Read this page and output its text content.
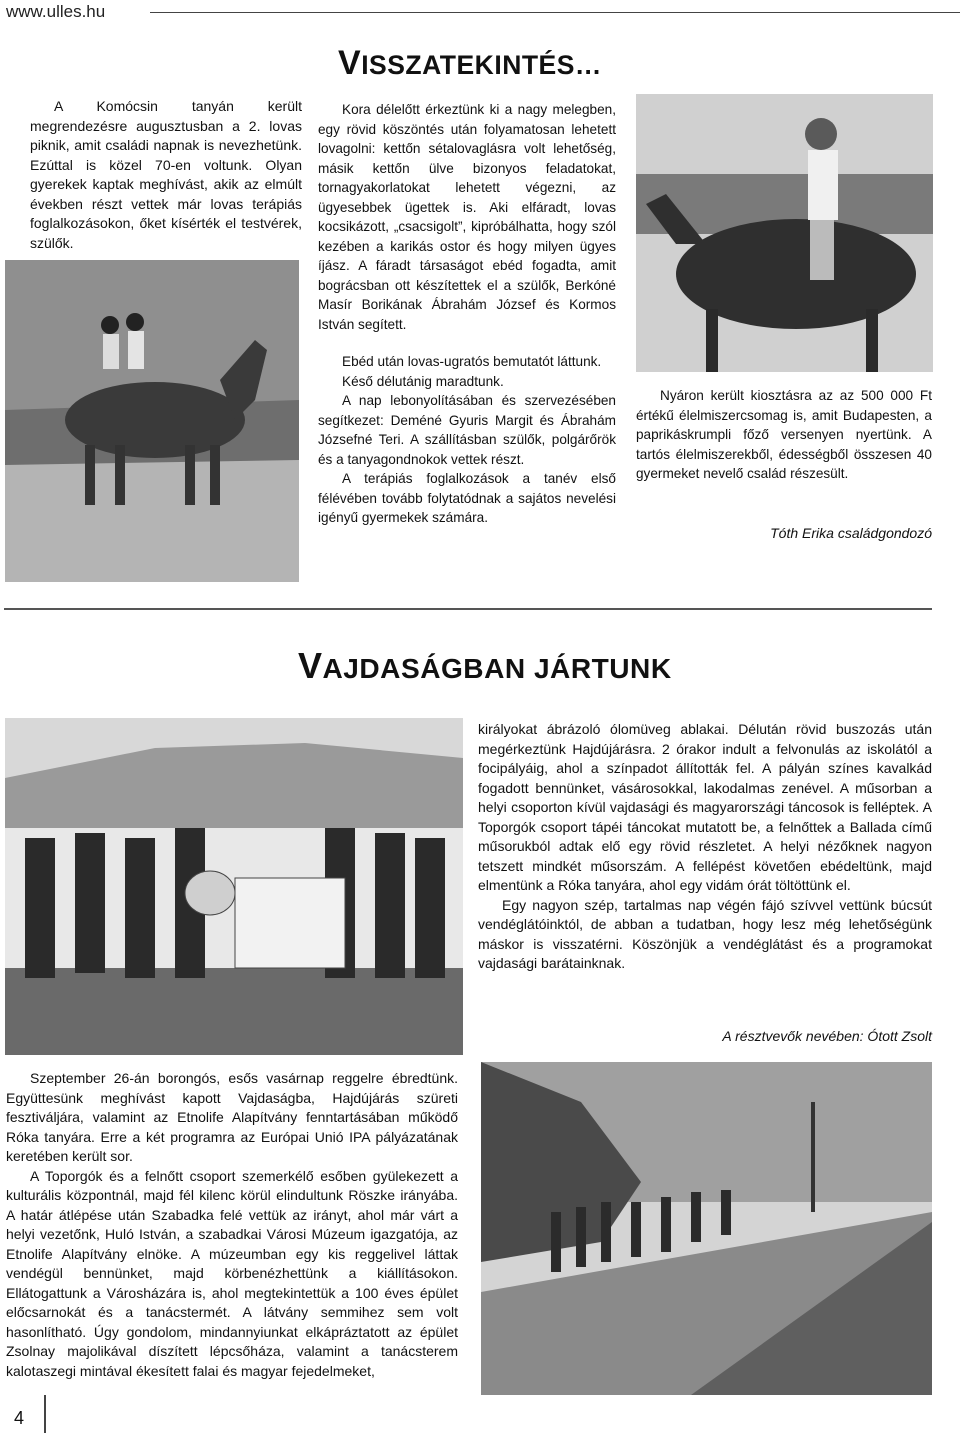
www.ulles.hu
VISSZATEKINTÉS…

A Komócsin tanyán került megrendezésre augusztusban a 2. lovas piknik, amit családi napnak is nevezhetünk. Ezúttal is közel 70-en voltunk. Olyan gyerekek kaptak meghívást, akik az elmúlt években részt vettek már lovas terápiás foglalkozásokon, őket kísérték el testvérek, szülők.

Kora délelőtt érkeztünk ki a nagy melegben, egy rövid köszöntés után folyamatosan lehetett lovagolni: kettőn sétalovaglásra volt lehetőség, másik kettőn ülve bizonyos feladatokat, tornagyakorlatokat lehetett végezni, az ügyesebbek ügettek is. Aki elfáradt, lovas kocsikázott, „csacsigolt”, kipróbálhatta, hogy szól kezében a karikás ostor és hogy milyen ügyes íjász. A fáradt társaságot ebéd fogadta, amit bográcsban ott készítettek el a szülők, Berkóné Masír Borikának Ábrahám József és Kormos István segített.

Ebéd után lovas-ugratós bemutatót láttunk.

Késő délutánig maradtunk.

A nap lebonyolításában és szervezésében segítkezet: Deméné Gyuris Margit és Ábrahám Józsefné Teri. A szállításban szülők, polgárőrök és a tanyagondnokok vettek részt.

A terápiás foglalkozások a tanév első félévében tovább folytatódnak a sajátos nevelési igényű gyermekek számára.

Nyáron került kiosztásra az az 500 000 Ft értékű élelmiszercsomag is, amit Budapesten, a paprikáskrumpli főző versenyen nyertünk. A tartós élelmiszerekből, édességből összesen 40 gyermeket nevelő család részesült.

Tóth Erika családgondozó
VAJDASÁGBAN JÁRTUNK

királyokat ábrázoló ólomüveg ablakai. Délután rövid buszozás után megérkeztünk Hajdújárásra. 2 órakor indult a felvonulás az iskolától a focipályáig, ahol a színpadot állították fel. A pályán színes kavalkád fogadott bennünket, vásárosokkal, lakodalmas zenével. A műsorban a helyi csoporton kívül vajdasági és magyarországi táncosok is felléptek. A Toporgók csoport tápéi táncokat mutatott be, a felnőttek a Ballada című műsorukból adtak elő egy rövid részletet. A helyi nézőknek nagyon tetszett mindkét műsorszám. A fellépést követően ebédeltünk, majd elmentünk a Róka tanyára, ahol egy vidám órát töltöttünk el.

Egy nagyon szép, tartalmas nap végén fájó szívvel vettünk búcsút vendéglátóinktól, de abban a tudatban, hogy lesz még lehetőségünk máskor is visszatérni. Köszönjük a vendéglátást és a programokat vajdasági barátainknak.

A résztvevők nevében: Ótott Zsolt

Szeptember 26-án borongós, esős vasárnap reggelre ébredtünk. Együttesünk meghívást kapott Vajdaságba, Hajdújárás szüreti fesztiváljára, valamint az Etnolife Alapítvány fenntartásában működő Róka tanyára. Erre a két programra az Európai Unió IPA pályázatának keretében került sor.

A Toporgók és a felnőtt csoport szemerkélő esőben gyülekezett a kulturális központnál, majd fél kilenc körül elindultunk Röszke irányába. A határ átlépése után Szabadka felé vettük az irányt, ahol már várt a helyi vezetőnk, Huló István, a szabadkai Városi Múzeum igazgatója, az Etnolife Alapítvány elnöke. A múzeumban egy kis reggelivel láttak vendégül bennünket, majd körbenézhettünk a kiállításokon. Ellátogattunk a Városházára is, ahol megtekintettük a 100 éves épület előcsarnokát és a tanácstermét. A látvány semmihez sem volt hasonlítható. Úgy gondolom, mindannyiunkat elkápráztatott az épület Zsolnay majolikával díszített lépcsőháza, valamint a tanácsterem kalotaszegi mintával ékesített falai és magyar fejedelmeket,

4
